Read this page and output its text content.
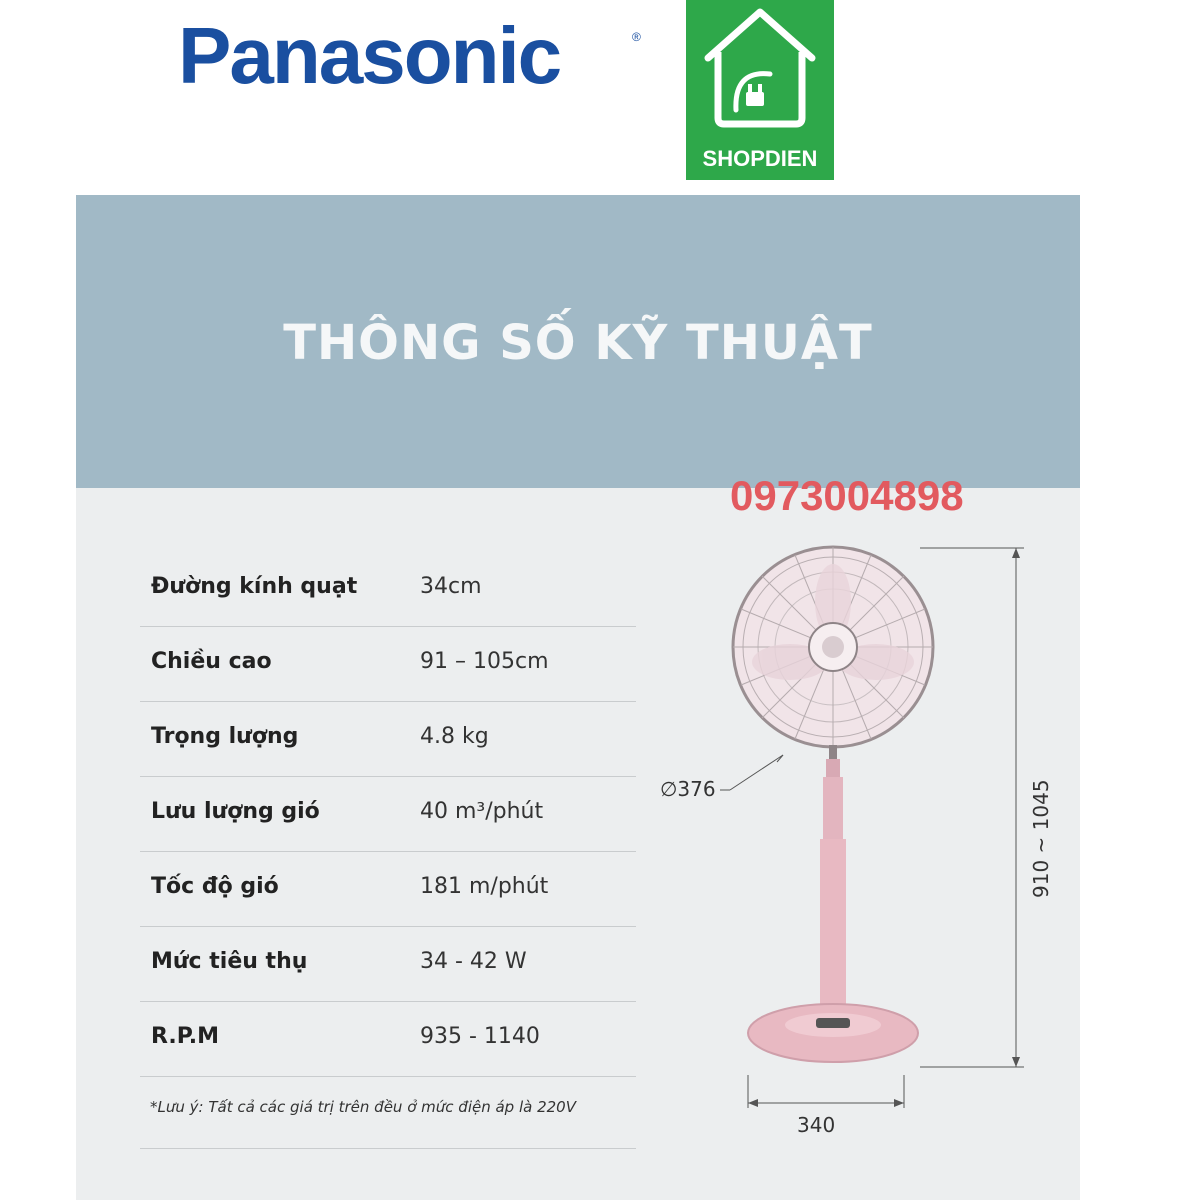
Panasonic	®
SHOPDIEN
THÔNG SỐ KỸ THUẬT
0973004898
Đường kính quạt	34cm
Chiều cao	91 – 105cm
Trọng lượng	4.8 kg
Lưu lượng gió	40 m³/phút
Tốc độ gió	181 m/phút
Mức tiêu thụ	34 - 42 W
R.P.M	935 - 1140
*Lưu ý: Tất cả các giá trị trên đều ở mức điện áp là 220V
∅376	910 ~ 1045
340
